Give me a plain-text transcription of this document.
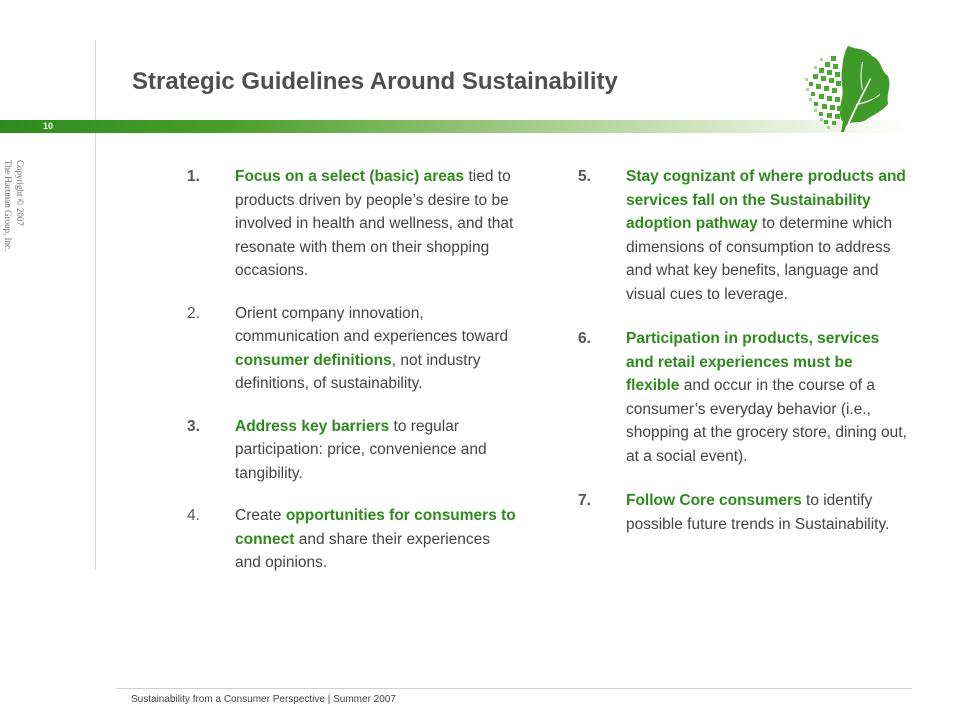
Strategic Guidelines Around Sustainability
10
Copyright © 2007
The Hartman Group, Inc.	1. Focus on a select (basic) areas tied to products driven by people’s desire to be involved in health and wellness, and that resonate with them on their shopping occasions.
2. Orient company innovation, communication and experiences toward consumer definitions, not industry definitions, of sustainability.
3. Address key barriers to regular participation: price, convenience and tangibility.
4. Create opportunities for consumers to connect and share their experiences and opinions.
5. Stay cognizant of where products and services fall on the Sustainability adoption pathway to determine which dimensions of consumption to address and what key benefits, language and visual cues to leverage.
6. Participation in products, services and retail experiences must be flexible and occur in the course of a consumer’s everyday behavior (i.e., shopping at the grocery store, dining out, at a social event).
7. Follow Core consumers to identify possible future trends in Sustainability.
Sustainability from a Consumer Perspective | Summer 2007
